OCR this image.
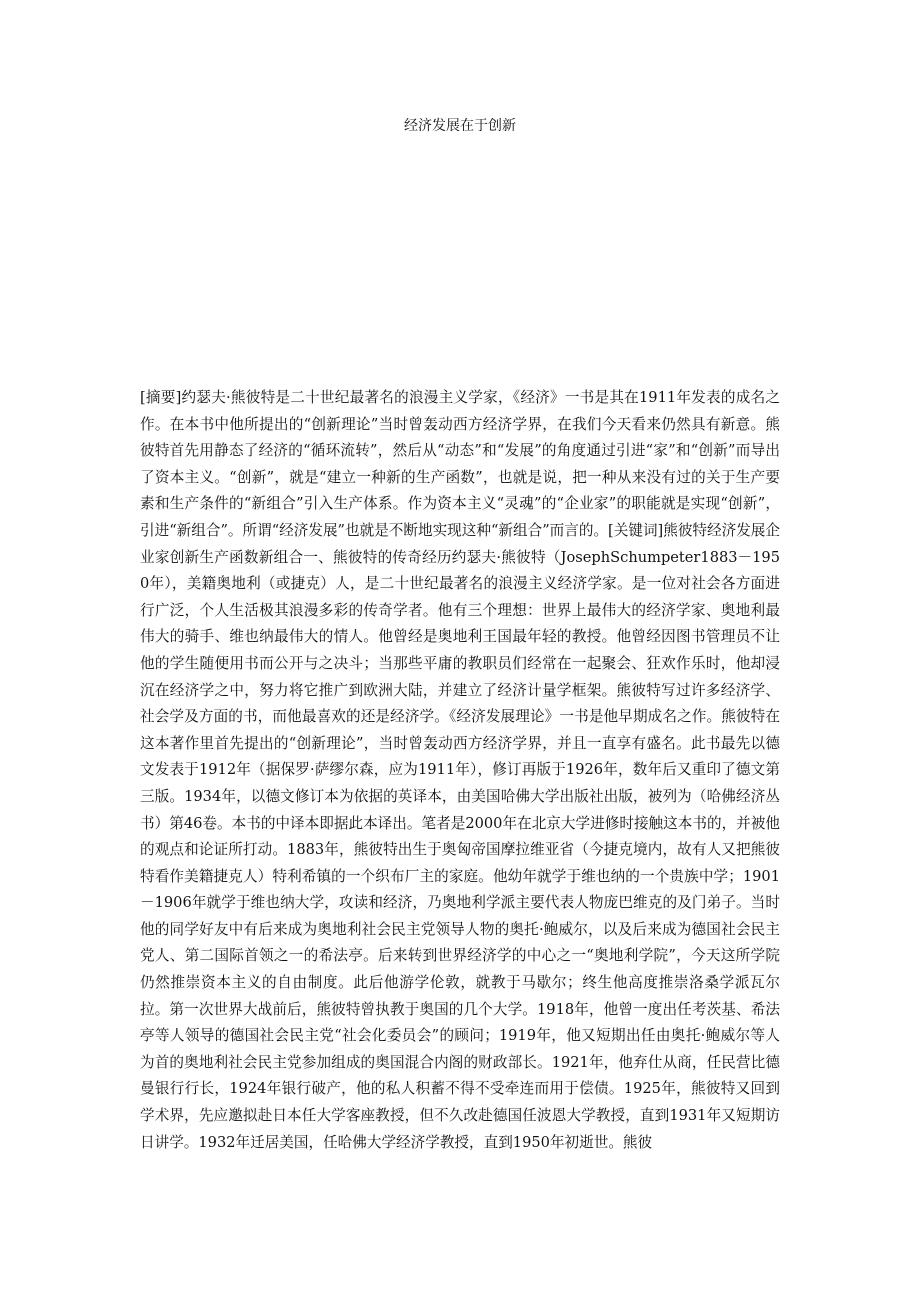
经济发展在于创新

[摘要]约瑟夫·熊彼特是二十世纪最著名的浪漫主义学家，《经济》一书是其在1911年发表的成名之作。在本书中他所提出的“创新理论”当时曾轰动西方经济学界，在我们今天看来仍然具有新意。熊彼特首先用静态了经济的“循环流转”，然后从“动态”和“发展”的角度通过引进“家”和“创新”而导出了资本主义。“创新”，就是“建立一种新的生产函数”，也就是说，把一种从来没有过的关于生产要素和生产条件的“新组合”引入生产体系。作为资本主义“灵魂”的“企业家”的职能就是实现“创新”，引进“新组合”。所谓“经济发展”也就是不断地实现这种“新组合”而言的。[关键词]熊彼特经济发展企业家创新生产函数新组合一、熊彼特的传奇经历约瑟夫·熊彼特（JosephSchumpeter1883－1950年），美籍奥地利（或捷克）人，是二十世纪最著名的浪漫主义经济学家。是一位对社会各方面进行广泛，个人生活极其浪漫多彩的传奇学者。他有三个理想：世界上最伟大的经济学家、奥地利最伟大的骑手、维也纳最伟大的情人。他曾经是奥地利王国最年轻的教授。他曾经因图书管理员不让他的学生随便用书而公开与之决斗；当那些平庸的教职员们经常在一起聚会、狂欢作乐时，他却浸沉在经济学之中，努力将它推广到欧洲大陆，并建立了经济计量学框架。熊彼特写过许多经济学、社会学及方面的书，而他最喜欢的还是经济学。《经济发展理论》一书是他早期成名之作。熊彼特在这本著作里首先提出的“创新理论”，当时曾轰动西方经济学界，并且一直享有盛名。此书最先以德文发表于1912年（据保罗·萨缪尔森，应为1911年），修订再版于1926年，数年后又重印了德文第三版。1934年，以德文修订本为依据的英译本，由美国哈佛大学出版社出版，被列为（哈佛经济丛书）第46卷。本书的中译本即据此本译出。笔者是2000年在北京大学进修时接触这本书的，并被他的观点和论证所打动。1883年，熊彼特出生于奥匈帝国摩拉维亚省（今捷克境内，故有人又把熊彼特看作美籍捷克人）特利希镇的一个织布厂主的家庭。他幼年就学于维也纳的一个贵族中学；1901－1906年就学于维也纳大学，攻读和经济，乃奥地利学派主要代表人物庞巴维克的及门弟子。当时他的同学好友中有后来成为奥地利社会民主党领导人物的奥托·鲍威尔，以及后来成为德国社会民主党人、第二国际首领之一的希法亭。后来转到世界经济学的中心之一“奥地利学院”，今天这所学院仍然推崇资本主义的自由制度。此后他游学伦敦，就教于马歇尔；终生他高度推崇洛桑学派瓦尔拉。第一次世界大战前后，熊彼特曾执教于奥国的几个大学。1918年，他曾一度出任考茨基、希法亭等人领导的德国社会民主党“社会化委员会”的顾问；1919年，他又短期出任由奥托·鲍威尔等人为首的奥地利社会民主党参加组成的奥国混合内阁的财政部长。1921年，他弃仕从商，任民营比德曼银行行长，1924年银行破产，他的私人积蓄不得不受牵连而用于偿债。1925年，熊彼特又回到学术界，先应邀拟赴日本任大学客座教授，但不久改赴德国任波恩大学教授，直到1931年又短期访日讲学。1932年迁居美国，任哈佛大学经济学教授，直到1950年初逝世。熊彼
